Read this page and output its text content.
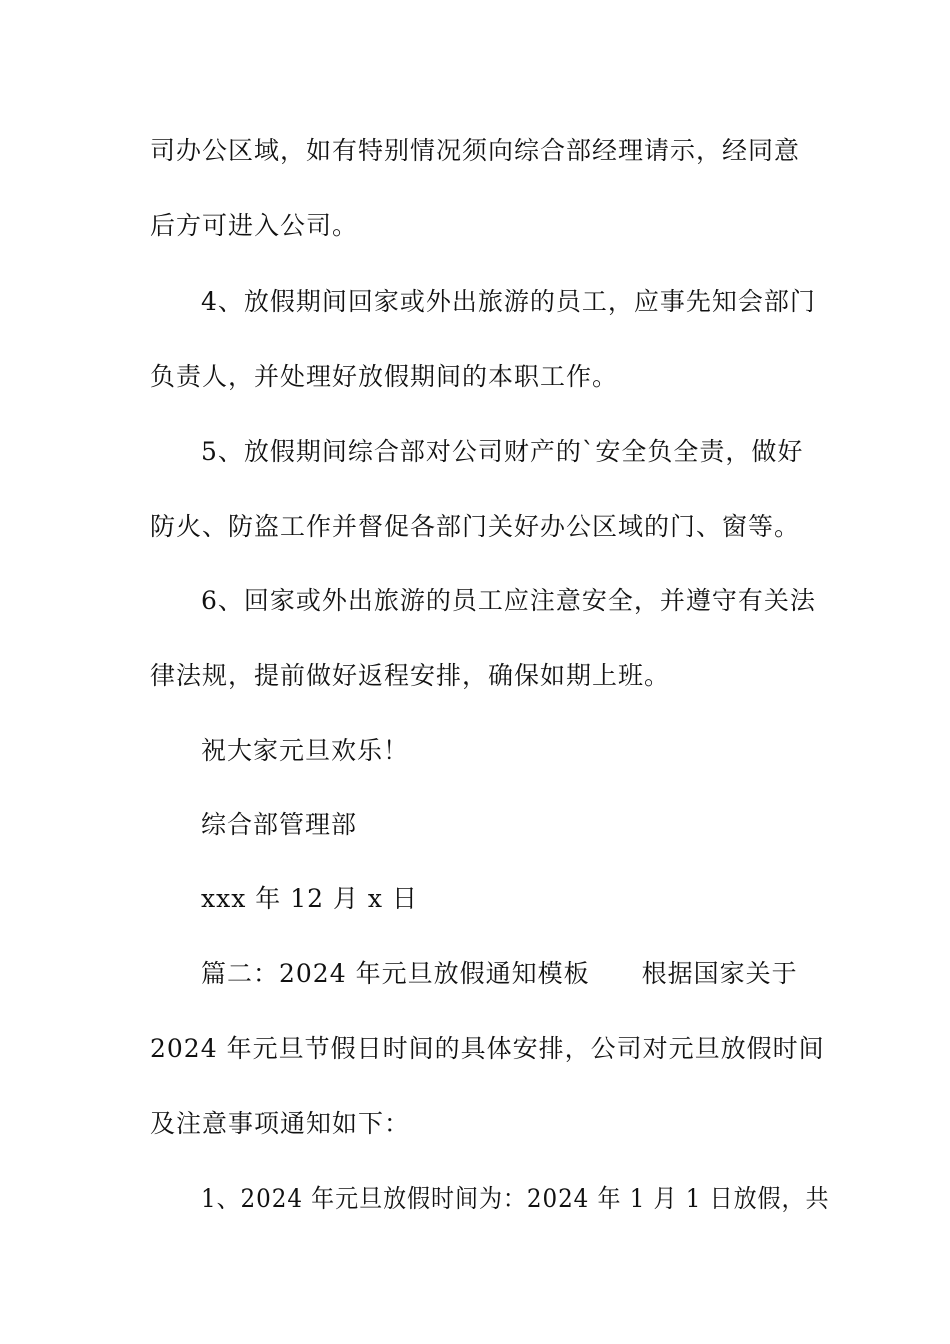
司办公区域，如有特别情况须向综合部经理请示，经同意
后方可进入公司。
4、放假期间回家或外出旅游的员工，应事先知会部门
负责人，并处理好放假期间的本职工作。
5、放假期间综合部对公司财产的`安全负全责，做好
防火、防盗工作并督促各部门关好办公区域的门、窗等。
6、回家或外出旅游的员工应注意安全，并遵守有关法
律法规，提前做好返程安排，确保如期上班。
祝大家元旦欢乐！
综合部管理部
xxx 年 12 月 x 日
篇二：2024 年元旦放假通知模板　　根据国家关于
2024 年元旦节假日时间的具体安排，公司对元旦放假时间
及注意事项通知如下：
1、2024 年元旦放假时间为：2024 年 1 月 1 日放假，共
